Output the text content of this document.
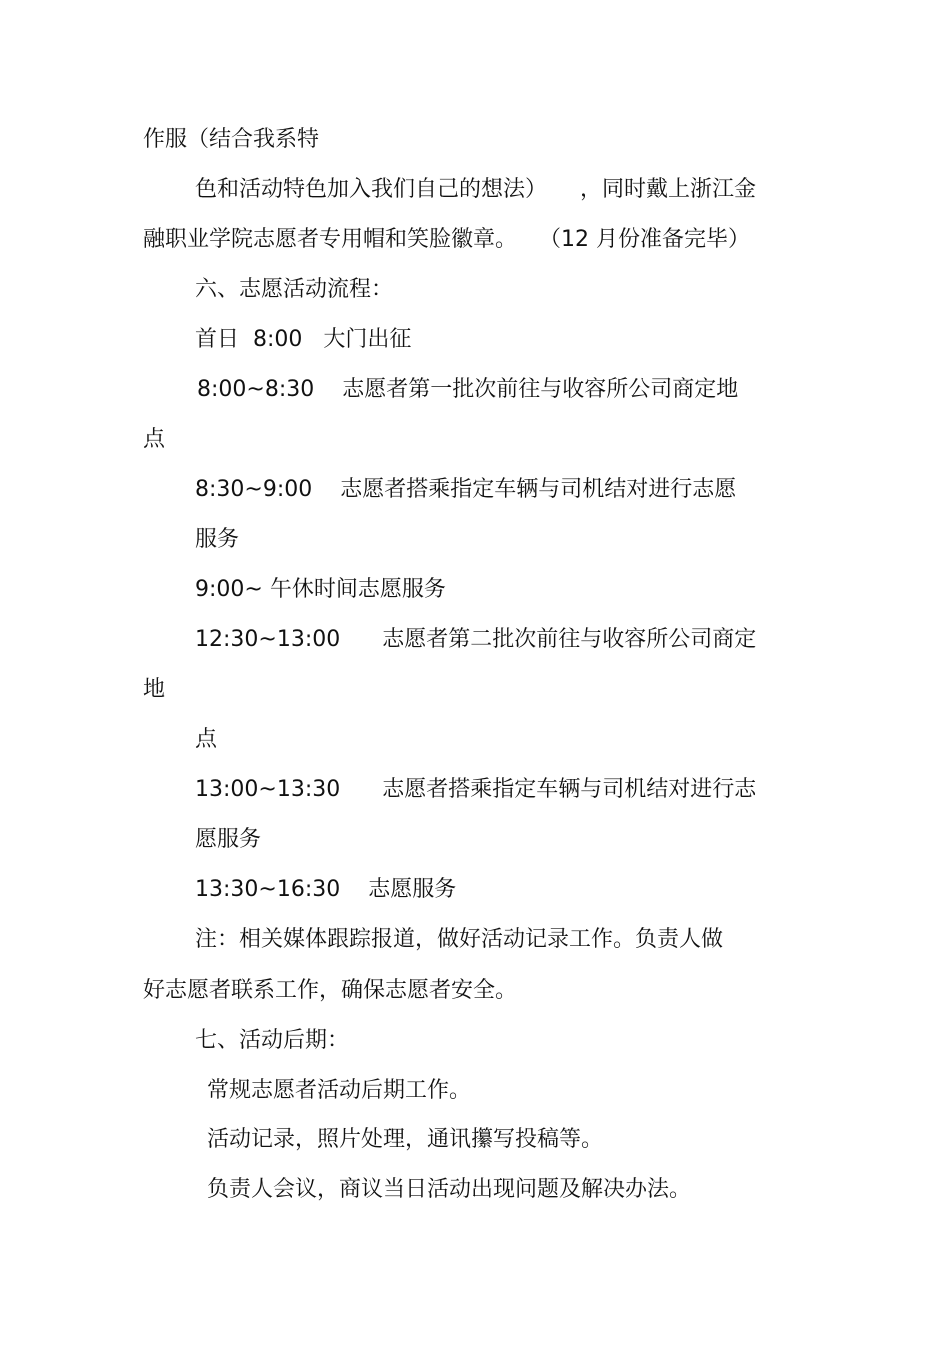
作服（结合我系特
色和活动特色加入我们自己的想法）　　，同时戴上浙江金
融职业学院志愿者专用帽和笑脸徽章。　　（12 月份准备完毕）
六、志愿活动流程：
首日  8:00   大门出征
8:00~8:30    志愿者第一批次前往与收容所公司商定地
点
8:30~9:00    志愿者搭乘指定车辆与司机结对进行志愿
服务
9:00~ 午休时间志愿服务
12:30~13:00      志愿者第二批次前往与收容所公司商定
地
点
13:00~13:30      志愿者搭乘指定车辆与司机结对进行志
愿服务
13:30~16:30    志愿服务
注：相关媒体跟踪报道，做好活动记录工作。负责人做
好志愿者联系工作，确保志愿者安全。
七、活动后期：
常规志愿者活动后期工作。
活动记录，照片处理，通讯攥写投稿等。
负责人会议，商议当日活动出现问题及解决办法。
